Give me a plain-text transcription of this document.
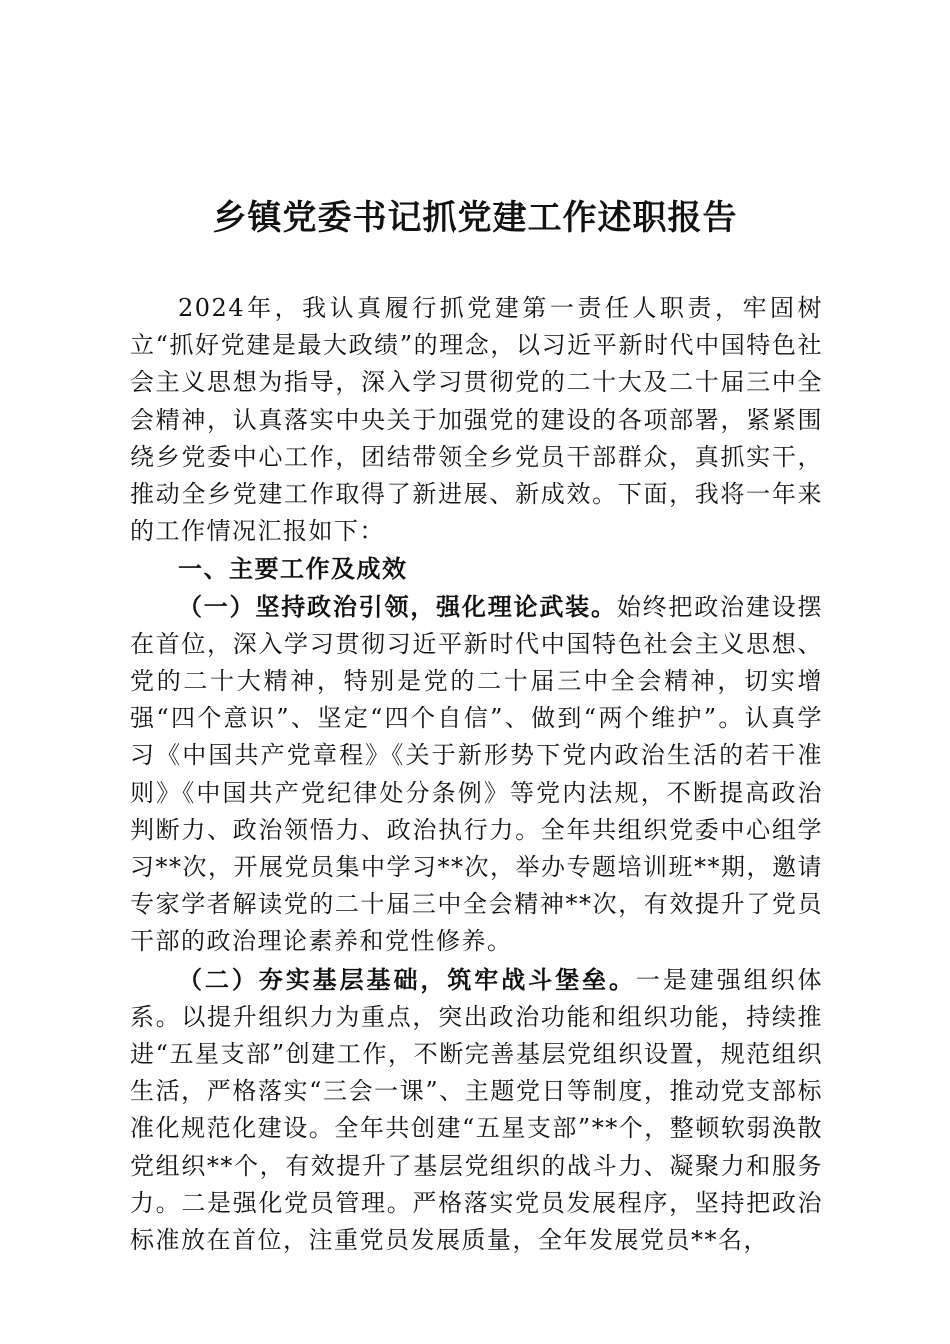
乡镇党委书记抓党建工作述职报告

2024年，我认真履行抓党建第一责任人职责，牢固树立“抓好党建是最大政绩”的理念，以习近平新时代中国特色社会主义思想为指导，深入学习贯彻党的二十大及二十届三中全会精神，认真落实中央关于加强党的建设的各项部署，紧紧围绕乡党委中心工作，团结带领全乡党员干部群众，真抓实干，推动全乡党建工作取得了新进展、新成效。下面，我将一年来的工作情况汇报如下：

一、主要工作及成效

（一）坚持政治引领，强化理论武装。始终把政治建设摆在首位，深入学习贯彻习近平新时代中国特色社会主义思想、党的二十大精神，特别是党的二十届三中全会精神，切实增强“四个意识”、坚定“四个自信”、做到“两个维护”。认真学习《中国共产党章程》《关于新形势下党内政治生活的若干准则》《中国共产党纪律处分条例》等党内法规，不断提高政治判断力、政治领悟力、政治执行力。全年共组织党委中心组学习**次，开展党员集中学习**次，举办专题培训班**期，邀请专家学者解读党的二十届三中全会精神**次，有效提升了党员干部的政治理论素养和党性修养。

（二）夯实基层基础，筑牢战斗堡垒。一是建强组织体系。以提升组织力为重点，突出政治功能和组织功能，持续推进“五星支部”创建工作，不断完善基层党组织设置，规范组织生活，严格落实“三会一课”、主题党日等制度，推动党支部标准化规范化建设。全年共创建“五星支部”**个，整顿软弱涣散党组织**个，有效提升了基层党组织的战斗力、凝聚力和服务力。二是强化党员管理。严格落实党员发展程序，坚持把政治标准放在首位，注重党员发展质量，全年发展党员**名，
